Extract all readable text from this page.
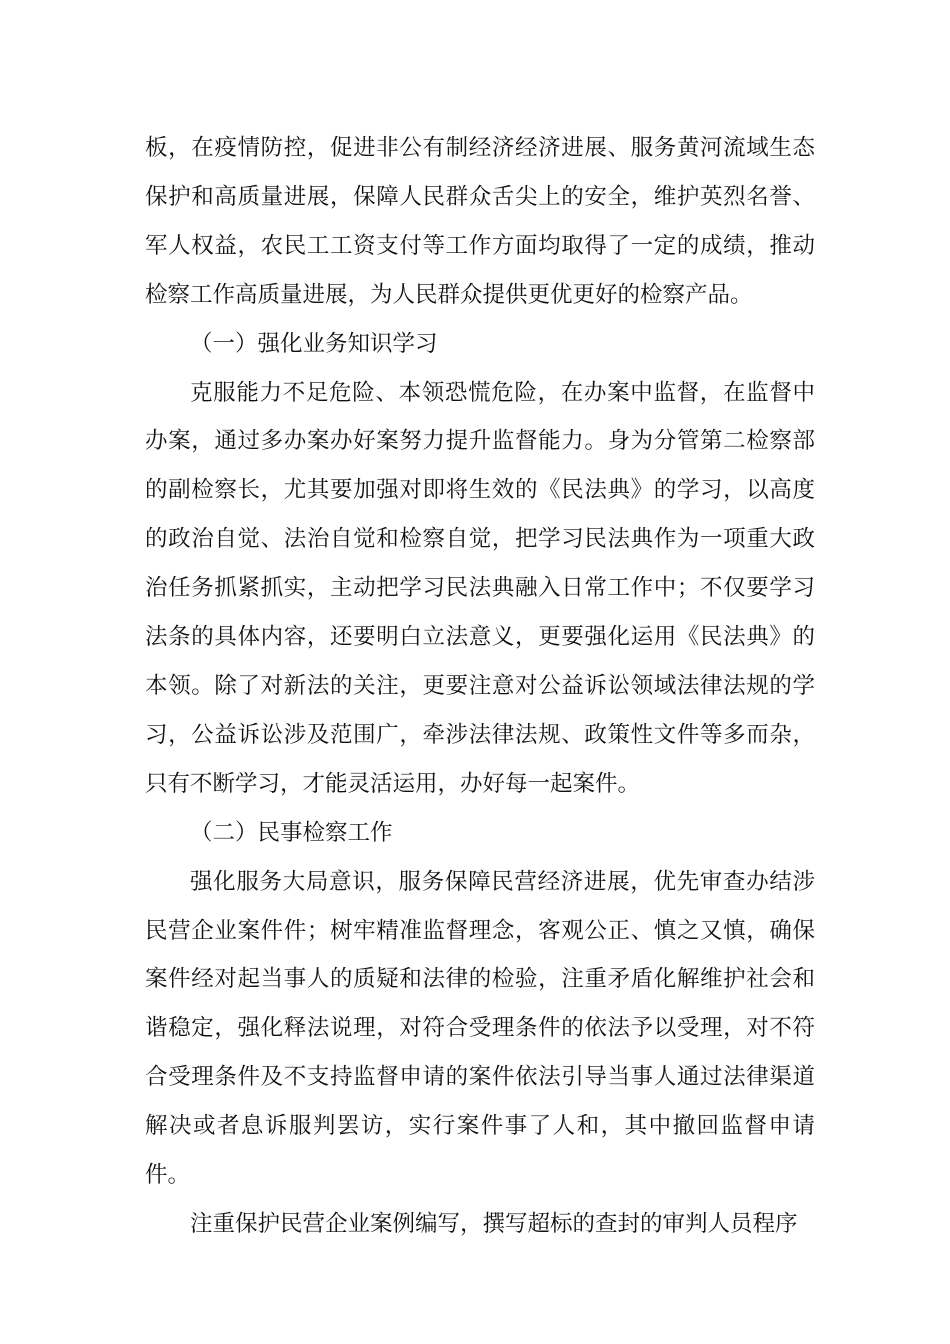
板，在疫情防控，促进非公有制经济经济进展、服务黄河流域生态保护和高质量进展，保障人民群众舌尖上的安全，维护英烈名誉、军人权益，农民工工资支付等工作方面均取得了一定的成绩，推动检察工作高质量进展，为人民群众提供更优更好的检察产品。

（一）强化业务知识学习

克服能力不足危险、本领恐慌危险，在办案中监督，在监督中办案，通过多办案办好案努力提升监督能力。身为分管第二检察部的副检察长，尤其要加强对即将生效的《民法典》的学习，以高度的政治自觉、法治自觉和检察自觉，把学习民法典作为一项重大政治任务抓紧抓实，主动把学习民法典融入日常工作中；不仅要学习法条的具体内容，还要明白立法意义，更要强化运用《民法典》的本领。除了对新法的关注，更要注意对公益诉讼领域法律法规的学习，公益诉讼涉及范围广，牵涉法律法规、政策性文件等多而杂，只有不断学习，才能灵活运用，办好每一起案件。

（二）民事检察工作

强化服务大局意识，服务保障民营经济进展，优先审查办结涉民营企业案件件；树牢精准监督理念，客观公正、慎之又慎，确保案件经对起当事人的质疑和法律的检验，注重矛盾化解维护社会和谐稳定，强化释法说理，对符合受理条件的依法予以受理，对不符合受理条件及不支持监督申请的案件依法引导当事人通过法律渠道解决或者息诉服判罢访，实行案件事了人和，其中撤回监督申请件。

注重保护民营企业案例编写，撰写超标的查封的审判人员程序
